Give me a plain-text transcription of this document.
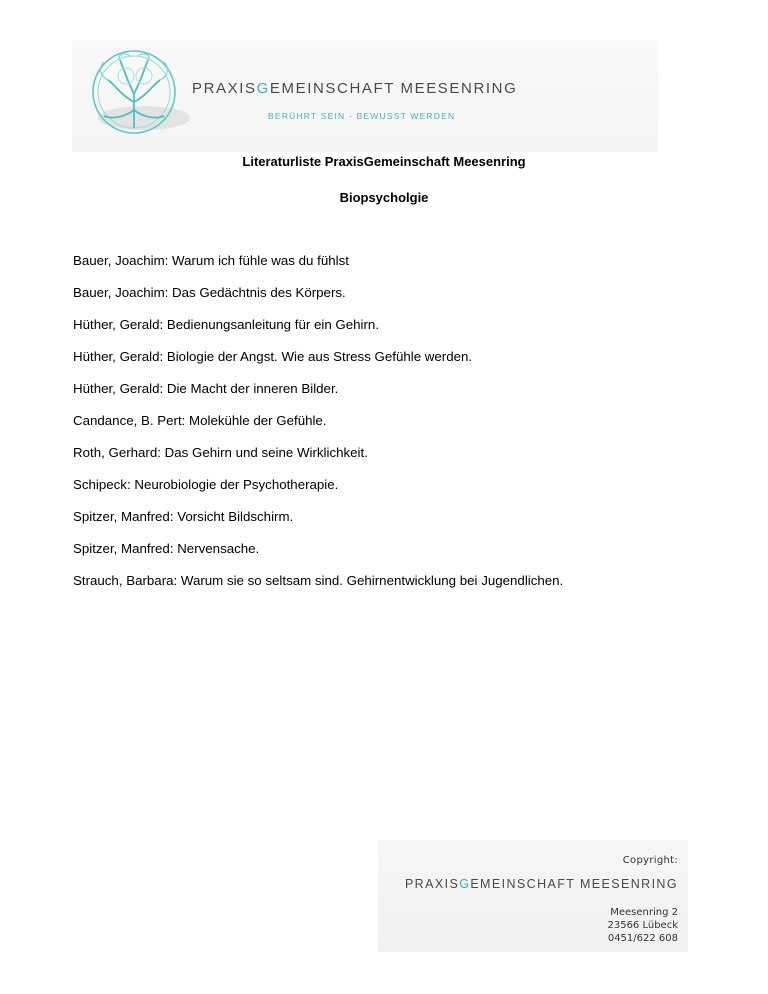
PRAXISGEMEINSCHAFT MEESENRING
BERÜHRT SEIN - BEWUSST WERDEN
Literaturliste PraxisGemeinschaft Meesenring
Biopsycholgie
Bauer, Joachim: Warum ich fühle was du fühlst
Bauer, Joachim: Das Gedächtnis des Körpers.
Hüther, Gerald: Bedienungsanleitung für ein Gehirn.
Hüther, Gerald: Biologie der Angst. Wie aus Stress Gefühle werden.
Hüther, Gerald: Die Macht der inneren Bilder.
Candance, B. Pert: Molekühle der Gefühle.
Roth, Gerhard: Das Gehirn und seine Wirklichkeit.
Schipeck: Neurobiologie der Psychotherapie.
Spitzer, Manfred: Vorsicht Bildschirm.
Spitzer, Manfred: Nervensache.
Strauch, Barbara: Warum sie so seltsam sind. Gehirnentwicklung bei Jugendlichen.
Copyright:
PRAXISGEMEINSCHAFT MEESENRING
Meesenring 2
23566 Lübeck
0451/622 608
